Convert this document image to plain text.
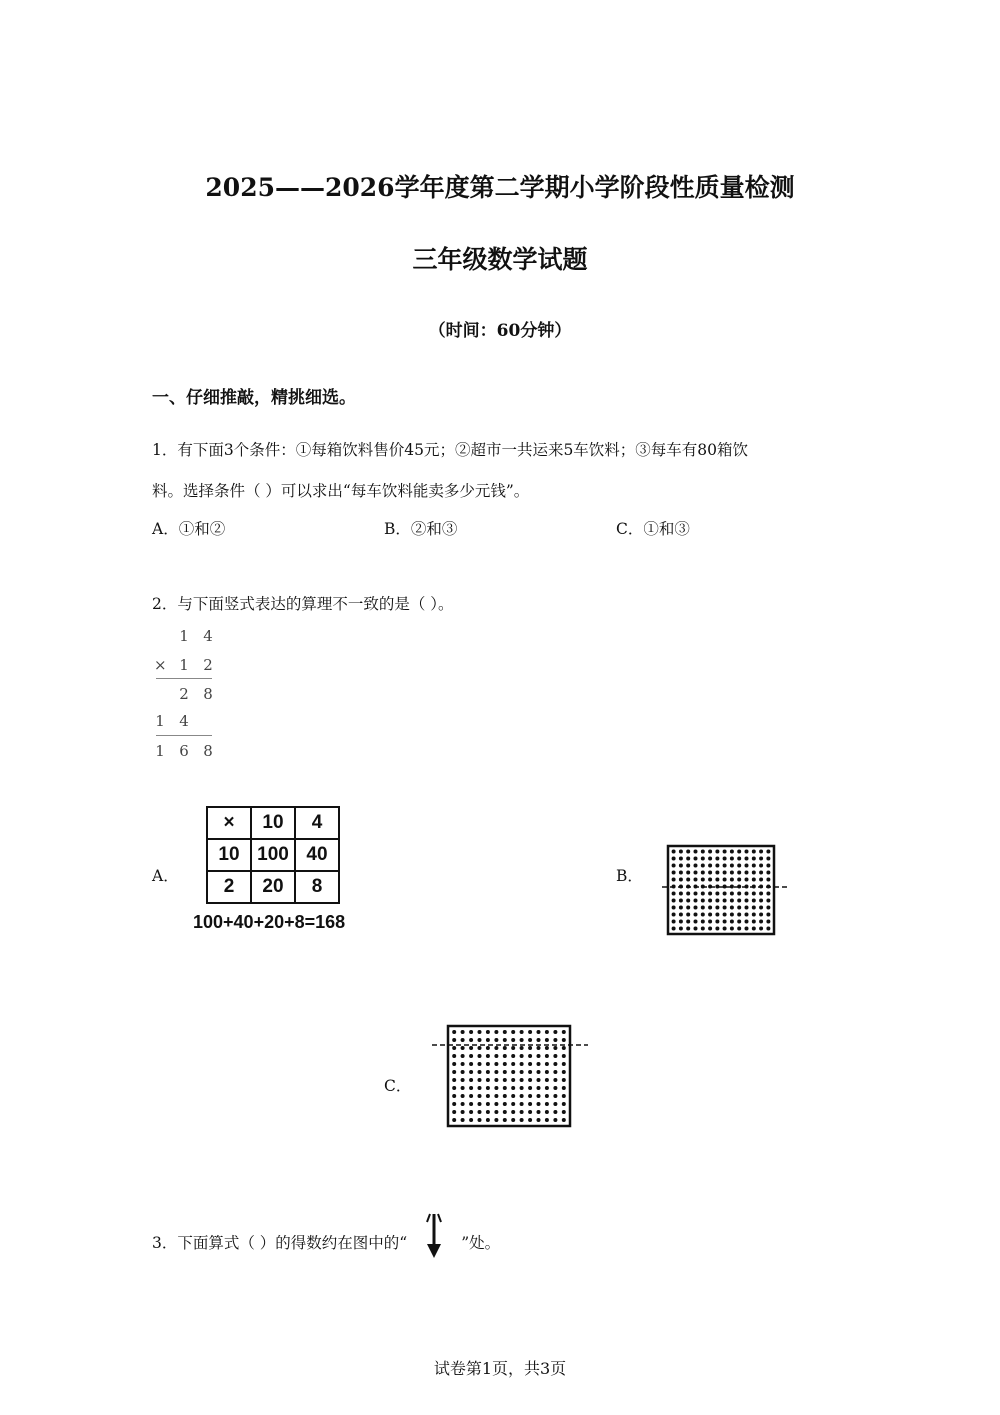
2025——2026学年度第二学期小学阶段性质量检测
三年级数学试题
（时间：60分钟）
一、仔细推敲，精挑细选。
1．有下面3个条件：①每箱饮料售价45元；②超市一共运来5车饮料；③每车有80箱饮
料。选择条件（ ）可以求出“每车饮料能卖多少元钱”。
A．①和②	B．②和③	C．①和③
2．与下面竖式表达的算理不一致的是（ ）。
1 4
× 1 2
2 8
1 4
1 6 8
A．
×	10	4
10	100	40
2	20	8
100+40+20+8=168
B．
C．
3．下面算式（ ）的得数约在图中的“	”处。
试卷第1页，共3页
